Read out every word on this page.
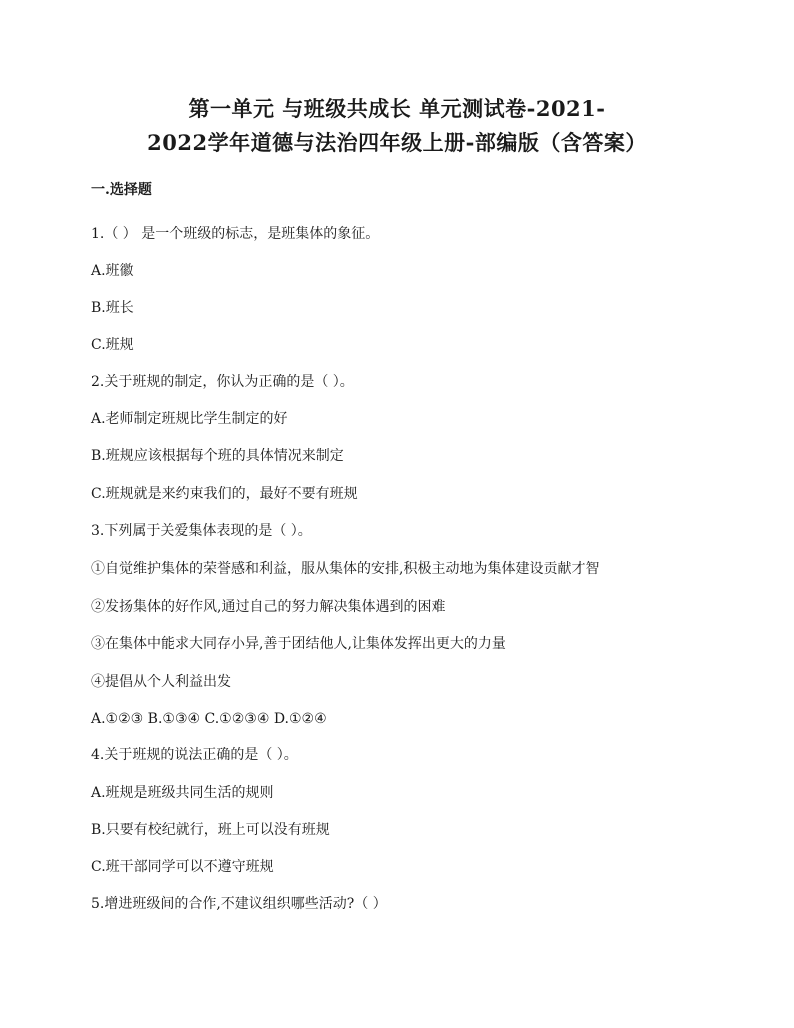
第一单元 与班级共成长 单元测试卷-2021-
2022学年道德与法治四年级上册-部编版（含答案）
一.选择题
1.（ ） 是一个班级的标志，是班集体的象征。
A.班徽
B.班长
C.班规
2.关于班规的制定，你认为正确的是（ ）。
A.老师制定班规比学生制定的好
B.班规应该根据每个班的具体情况来制定
C.班规就是来约束我们的，最好不要有班规
3.下列属于关爱集体表现的是（ ）。
①自觉维护集体的荣誉感和利益，服从集体的安排,积极主动地为集体建设贡献才智
②发扬集体的好作风,通过自己的努力解决集体遇到的困难
③在集体中能求大同存小异,善于团结他人,让集体发挥出更大的力量
④提倡从个人利益出发
A.①②③ B.①③④ C.①②③④ D.①②④
4.关于班规的说法正确的是（ ）。
A.班规是班级共同生活的规则
B.只要有校纪就行，班上可以没有班规
C.班干部同学可以不遵守班规
5.增进班级间的合作,不建议组织哪些活动?（ ）
